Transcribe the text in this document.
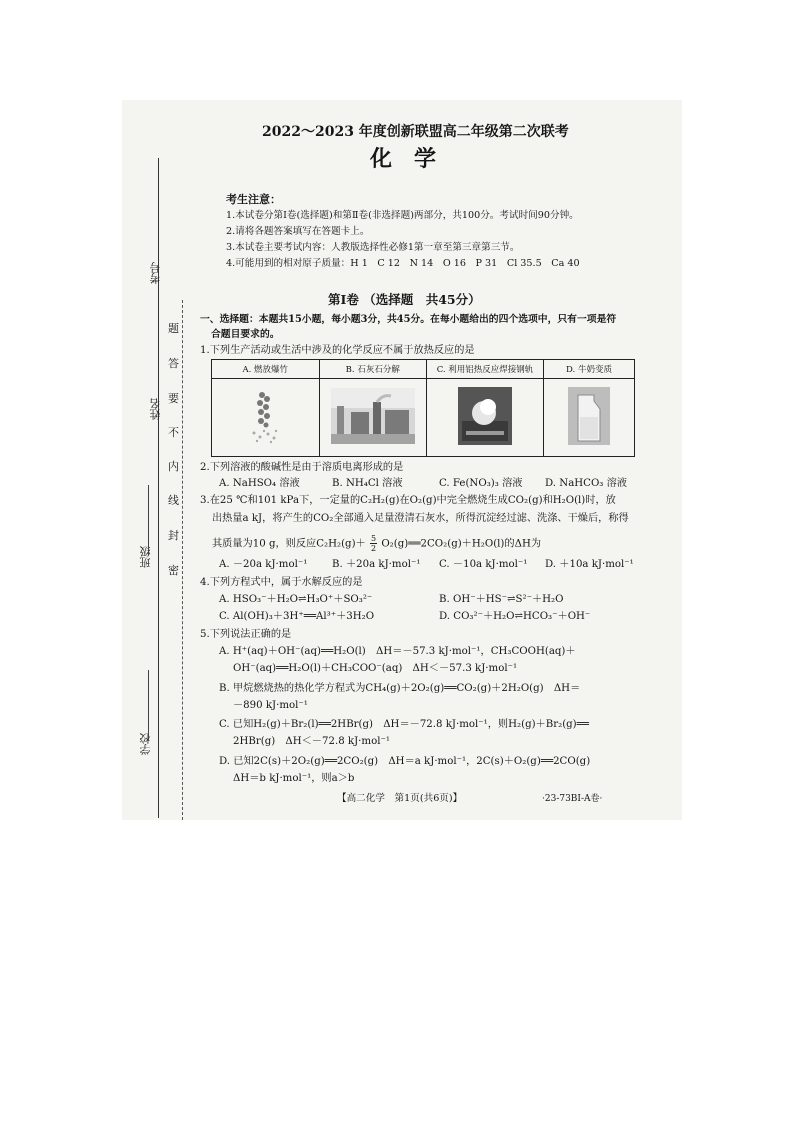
考号
姓名
班级
学校
题
答
要
不
内
线
封
密
2022～2023 年度创新联盟高二年级第二次联考
化　学
考生注意：
1.本试卷分第Ⅰ卷(选择题)和第Ⅱ卷(非选择题)两部分，共100分。考试时间90分钟。
2.请将各题答案填写在答题卡上。
3.本试卷主要考试内容：人教版选择性必修1第一章至第三章第三节。
4.可能用到的相对原子质量：H 1　C 12　N 14　O 16　P 31　Cl 35.5　Ca 40
第Ⅰ卷 （选择题　共45分）
一、选择题：本题共15小题，每小题3分，共45分。在每小题给出的四个选项中，只有一项是符
合题目要求的。
1.下列生产活动或生活中涉及的化学反应不属于放热反应的是
A. 燃放爆竹	B. 石灰石分解	C. 利用铝热反应焊接钢轨	D. 牛奶变质

2.下列溶液的酸碱性是由于溶质电离形成的是
A. NaHSO₄ 溶液	B. NH₄Cl 溶液	C. Fe(NO₃)₃ 溶液 D. NaHCO₃ 溶液
3.在25 ℃和101 kPa下，一定量的C₂H₂(g)在O₂(g)中完全燃烧生成CO₂(g)和H₂O(l)时，放
出热量a kJ，将产生的CO₂全部通入足量澄清石灰水，所得沉淀经过滤、洗涤、干燥后，称得
其质量为10 g，则反应$C_2H_2(g)+ \frac{5}{2}$ O₂(g)══2CO₂(g)＋H₂O(l)的ΔH为
A. －20a kJ·mol⁻¹ B. ＋20a kJ·mol⁻¹ C. －10a kJ·mol⁻¹ D. ＋10a kJ·mol⁻¹
4.下列方程式中，属于水解反应的是
A. HSO₃⁻＋H₂O⇌H₃O⁺＋SO₃²⁻	B. OH⁻＋HS⁻⇌S²⁻＋H₂O
C. Al(OH)₃＋3H⁺══Al³⁺＋3H₂O	D. CO₃²⁻＋H₂O⇌HCO₃⁻＋OH⁻
5.下列说法正确的是
A. H⁺(aq)＋OH⁻(aq)══H₂O(l)　ΔH＝－57.3 kJ·mol⁻¹，CH₃COOH(aq)＋
OH⁻(aq)══H₂O(l)＋CH₃COO⁻(aq)　ΔH＜－57.3 kJ·mol⁻¹
B. 甲烷燃烧热的热化学方程式为CH₄(g)＋2O₂(g)══CO₂(g)＋2H₂O(g)　ΔH＝
－890 kJ·mol⁻¹
C. 已知H₂(g)＋Br₂(l)══2HBr(g)　ΔH＝－72.8 kJ·mol⁻¹，则H₂(g)＋Br₂(g)══
2HBr(g)　ΔH＜－72.8 kJ·mol⁻¹
D. 已知2C(s)＋2O₂(g)══2CO₂(g)　ΔH＝a kJ·mol⁻¹，2C(s)＋O₂(g)══2CO(g)
ΔH＝b kJ·mol⁻¹，则a＞b
【高二化学　第1页(共6页)】	·23-73BI-A卷·
